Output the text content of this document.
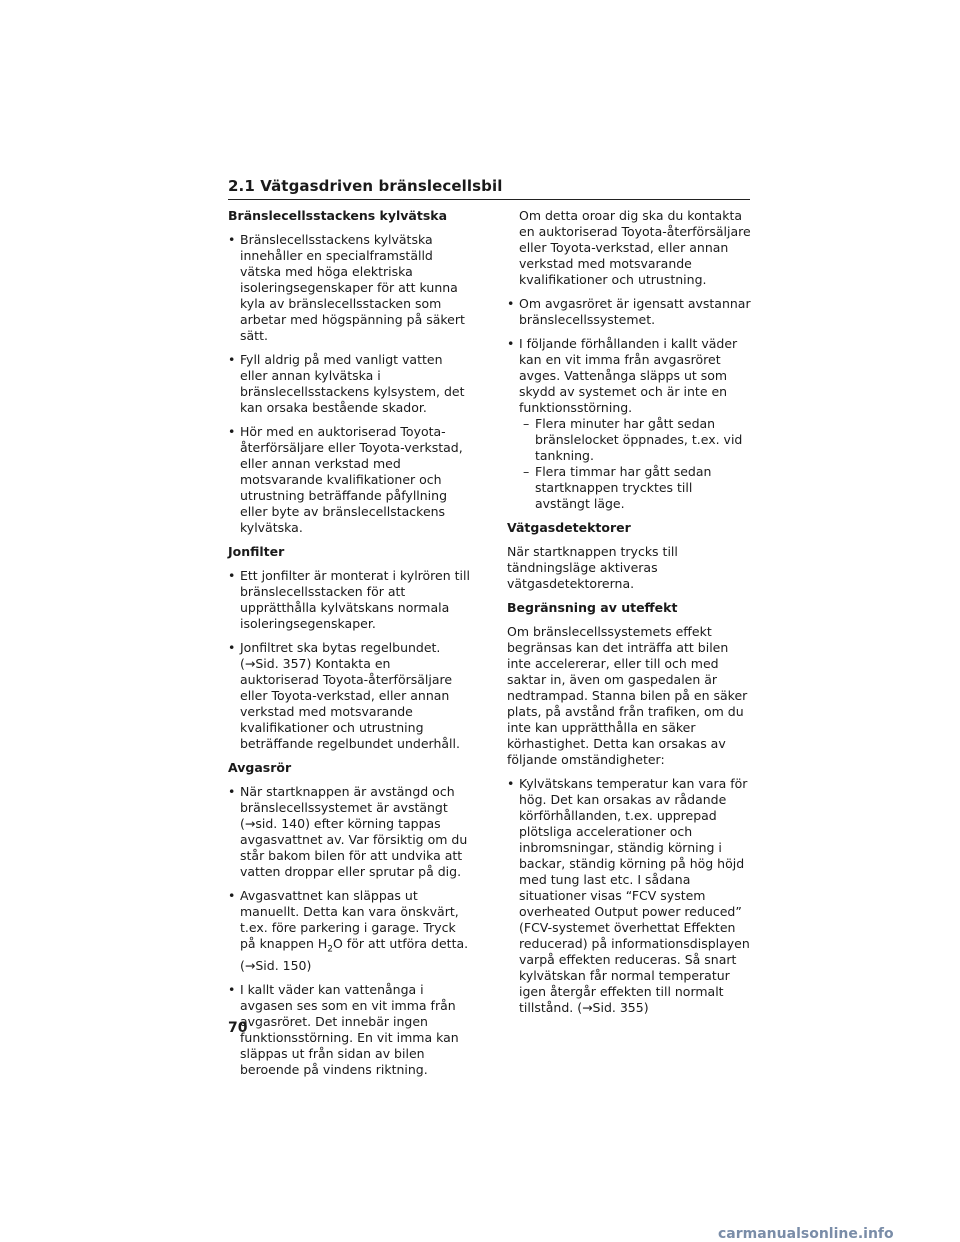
2.1 Vätgasdriven bränslecellsbil
Bränslecellsstackens kylvätska
• Bränslecellsstackens kylvätska innehåller en specialframställd vätska med höga elektriska isoleringsegenskaper för att kunna kyla av bränslecellsstacken som arbetar med högspänning på säkert sätt.
• Fyll aldrig på med vanligt vatten eller annan kylvätska i bränslecellsstackens kylsystem, det kan orsaka bestående skador.
• Hör med en auktoriserad Toyota-återförsäljare eller Toyota-verkstad, eller annan verkstad med motsvarande kvalifikationer och utrustning beträffande påfyllning eller byte av bränslecellstackens kylvätska.
Jonfilter
• Ett jonfilter är monterat i kylrören till bränslecellsstacken för att upprätthålla kylvätskans normala isoleringsegenskaper.
• Jonfiltret ska bytas regelbundet. (→Sid. 357) Kontakta en auktoriserad Toyota-återförsäljare eller Toyota-verkstad, eller annan verkstad med motsvarande kvalifikationer och utrustning beträffande regelbundet underhåll.
Avgasrör
• När startknappen är avstängd och bränslecellssystemet är avstängt (→sid. 140) efter körning tappas avgasvattnet av. Var försiktig om du står bakom bilen för att undvika att vatten droppar eller sprutar på dig.
• Avgasvattnet kan släppas ut manuellt. Detta kan vara önskvärt, t.ex. före parkering i garage. Tryck på knappen $H_2O$ för att utföra detta. (→Sid. 150)
• I kallt väder kan vattenånga i avgasen ses som en vit imma från avgasröret. Det innebär ingen funktionsstörning. En vit imma kan släppas ut från sidan av bilen beroende på vindens riktning.
Om detta oroar dig ska du kontakta en auktoriserad Toyota-återförsäljare eller Toyota-verkstad, eller annan verkstad med motsvarande kvalifikationer och utrustning.
• Om avgasröret är igensatt avstannar bränslecellssystemet.
• I följande förhållanden i kallt väder kan en vit imma från avgasröret avges. Vattenånga släpps ut som skydd av systemet och är inte en funktionsstörning.
– Flera minuter har gått sedan bränslelocket öppnades, t.ex. vid tankning.
– Flera timmar har gått sedan startknappen trycktes till avstängt läge.
Vätgasdetektorer
När startknappen trycks till tändningsläge aktiveras vätgasdetektorerna.
Begränsning av uteffekt
Om bränslecellssystemets effekt begränsas kan det inträffa att bilen inte accelererar, eller till och med saktar in, även om gaspedalen är nedtrampad. Stanna bilen på en säker plats, på avstånd från trafiken, om du inte kan upprätthålla en säker körhastighet. Detta kan orsakas av följande omständigheter:
• Kylvätskans temperatur kan vara för hög. Det kan orsakas av rådande körförhållanden, t.ex. upprepad plötsliga accelerationer och inbromsningar, ständig körning i backar, ständig körning på hög höjd med tung last etc. I sådana situationer visas “FCV system overheated Output power reduced” (FCV-systemet överhettat Effekten reducerad) på informationsdisplayen varpå effekten reduceras. Så snart kylvätskan får normal temperatur igen återgår effekten till normalt tillstånd. (→Sid. 355)
70
carmanualsonline.info
